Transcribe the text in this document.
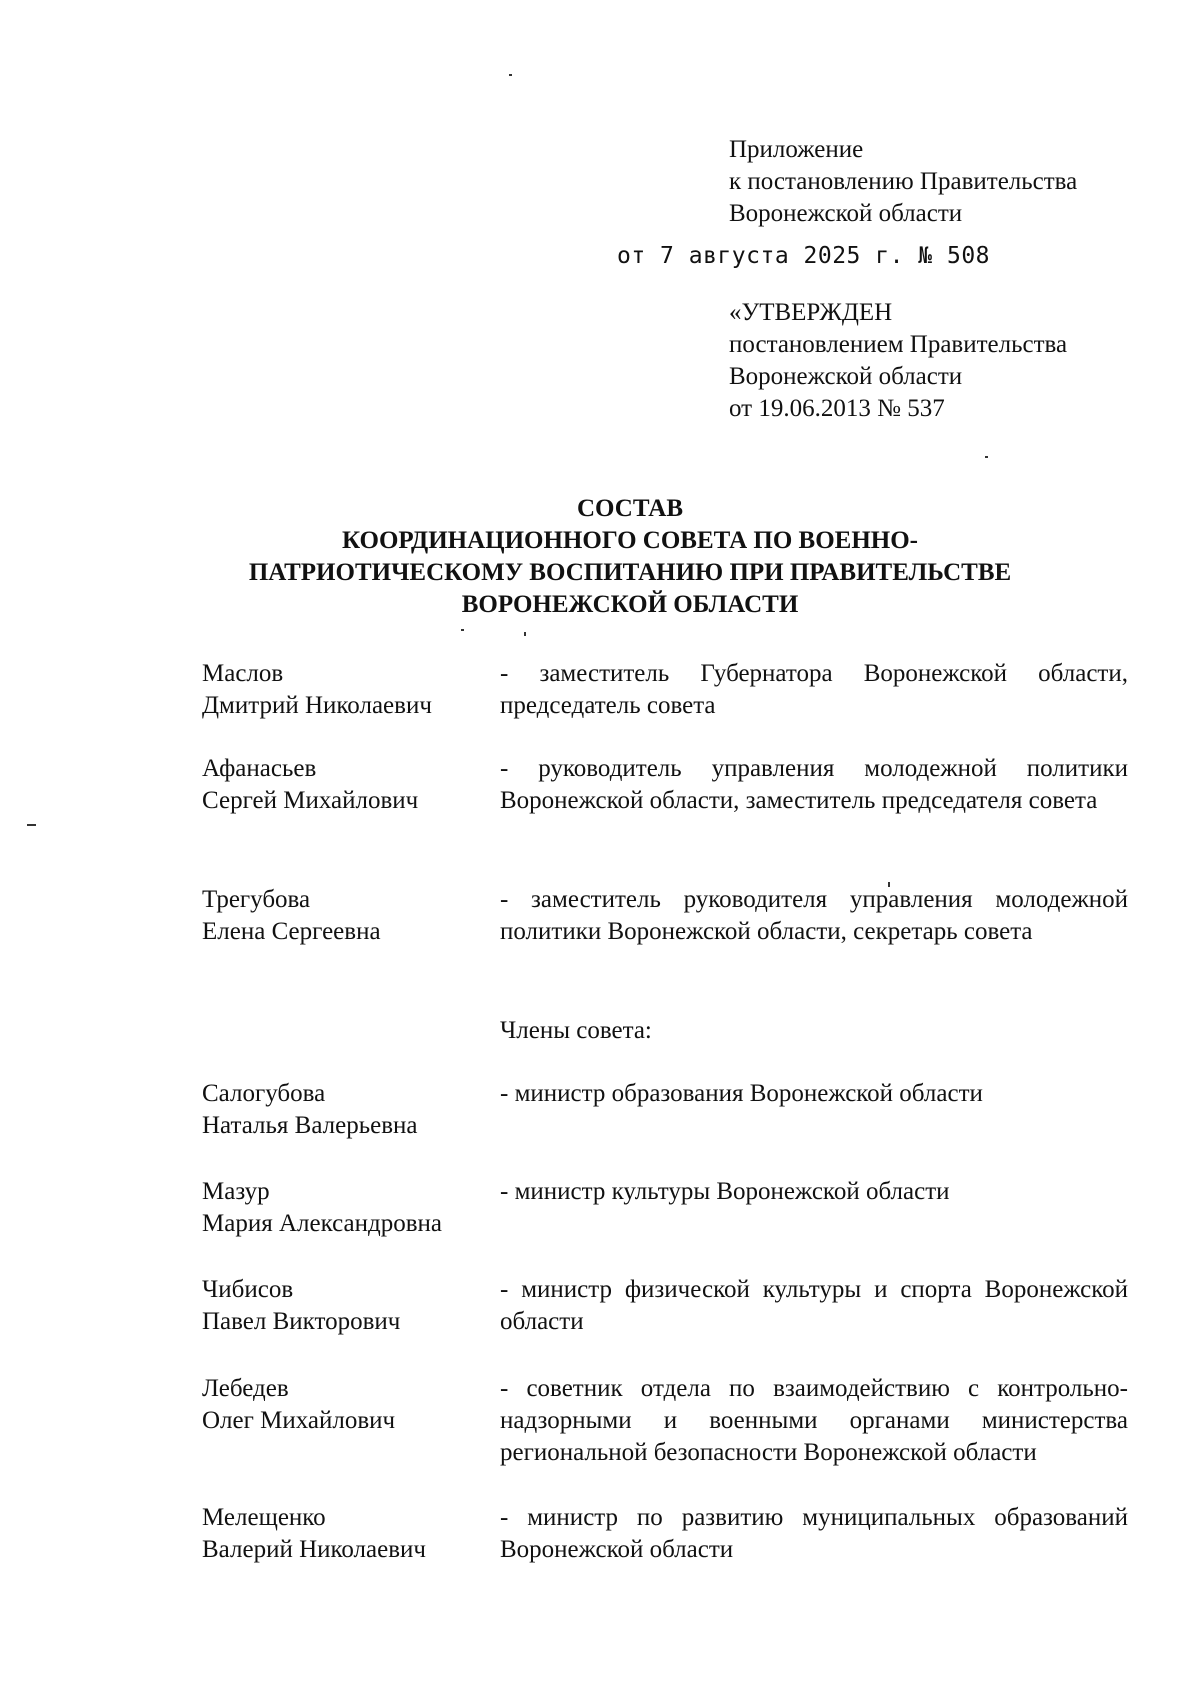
Приложение
к постановлению Правительства
Воронежской области
от 7 августа 2025 г. № 508
«УТВЕРЖДЕН
постановлением Правительства
Воронежской области
от 19.06.2013 № 537
СОСТАВ
КООРДИНАЦИОННОГО СОВЕТА ПО ВОЕННО-
ПАТРИОТИЧЕСКОМУ ВОСПИТАНИЮ ПРИ ПРАВИТЕЛЬСТВЕ
ВОРОНЕЖСКОЙ ОБЛАСТИ
Маслов
Дмитрий Николаевич
- заместитель Губернатора Воронежской области, председатель совета
Афанасьев
Сергей Михайлович
- руководитель управления молодежной политики Воронежской области, заместитель председателя совета
Трегубова
Елена Сергеевна
- заместитель руководителя управления молодежной политики Воронежской области, секретарь совета
Члены совета:
Салогубова
Наталья Валерьевна
- министр образования Воронежской области
Мазур
Мария Александровна
- министр культуры Воронежской области
Чибисов
Павел Викторович
- министр физической культуры и спорта Воронежской области
Лебедев
Олег Михайлович
- советник отдела по взаимодействию с контрольно-надзорными и военными органами министерства региональной безопасности Воронежской области
Мелещенко
Валерий Николаевич
- министр по развитию муниципальных образований Воронежской области
